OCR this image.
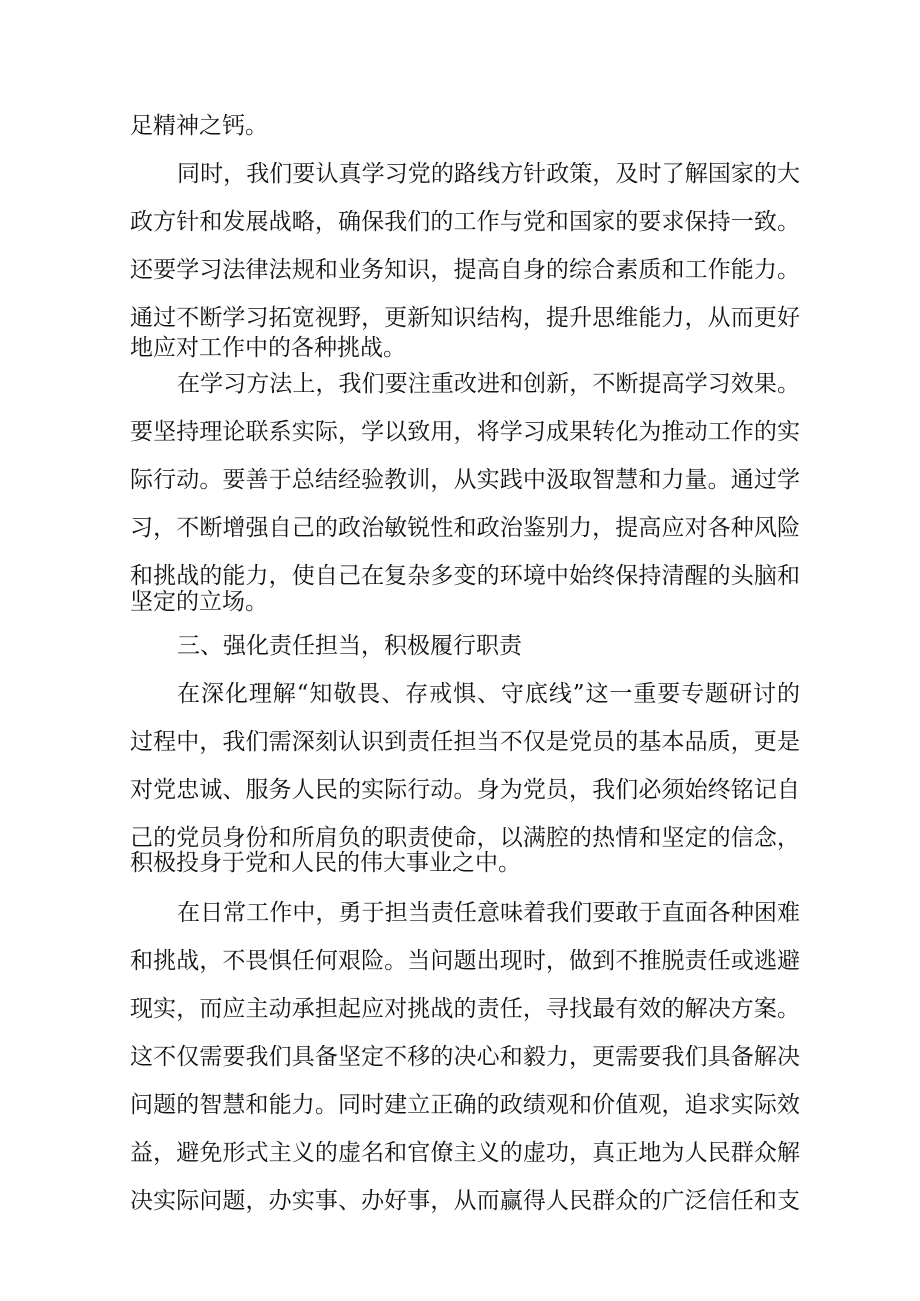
足精神之钙。
同时，我们要认真学习党的路线方针政策，及时了解国家的大
政方针和发展战略，确保我们的工作与党和国家的要求保持一致。
还要学习法律法规和业务知识，提高自身的综合素质和工作能力。
通过不断学习拓宽视野，更新知识结构，提升思维能力，从而更好
地应对工作中的各种挑战。
在学习方法上，我们要注重改进和创新，不断提高学习效果。
要坚持理论联系实际，学以致用，将学习成果转化为推动工作的实
际行动。要善于总结经验教训，从实践中汲取智慧和力量。通过学
习，不断增强自己的政治敏锐性和政治鉴别力，提高应对各种风险
和挑战的能力，使自己在复杂多变的环境中始终保持清醒的头脑和
坚定的立场。
三、强化责任担当，积极履行职责
在深化理解“知敬畏、存戒惧、守底线”这一重要专题研讨的
过程中，我们需深刻认识到责任担当不仅是党员的基本品质，更是
对党忠诚、服务人民的实际行动。身为党员，我们必须始终铭记自
己的党员身份和所肩负的职责使命，以满腔的热情和坚定的信念，
积极投身于党和人民的伟大事业之中。
在日常工作中，勇于担当责任意味着我们要敢于直面各种困难
和挑战，不畏惧任何艰险。当问题出现时，做到不推脱责任或逃避
现实，而应主动承担起应对挑战的责任，寻找最有效的解决方案。
这不仅需要我们具备坚定不移的决心和毅力，更需要我们具备解决
问题的智慧和能力。同时建立正确的政绩观和价值观，追求实际效
益，避免形式主义的虚名和官僚主义的虚功，真正地为人民群众解
决实际问题，办实事、办好事，从而赢得人民群众的广泛信任和支
